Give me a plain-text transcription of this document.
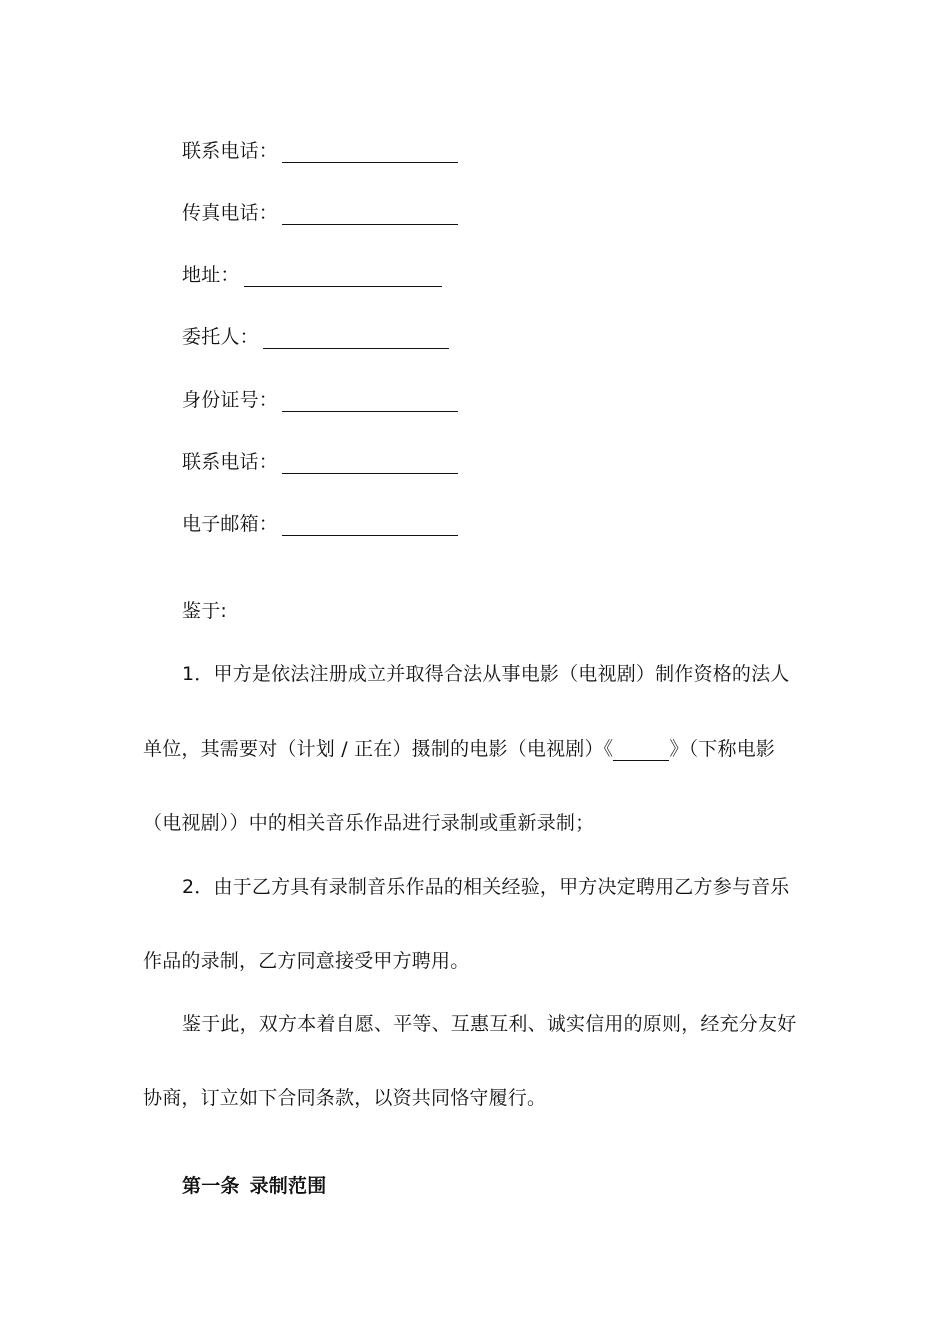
联系电话：
传真电话：
地址：
委托人：
身份证号：
联系电话：
电子邮箱：
鉴于:
1．甲方是依法注册成立并取得合法从事电影（电视剧）制作资格的法人
单位，其需要对（计划 / 正在）摄制的电影（电视剧）《	》（下称电影
（电视剧））中的相关音乐作品进行录制或重新录制；
2．由于乙方具有录制音乐作品的相关经验，甲方决定聘用乙方参与音乐
作品的录制，乙方同意接受甲方聘用。
鉴于此，双方本着自愿、平等、互惠互利、诚实信用的原则，经充分友好
协商，订立如下合同条款，以资共同恪守履行。
第一条 录制范围
